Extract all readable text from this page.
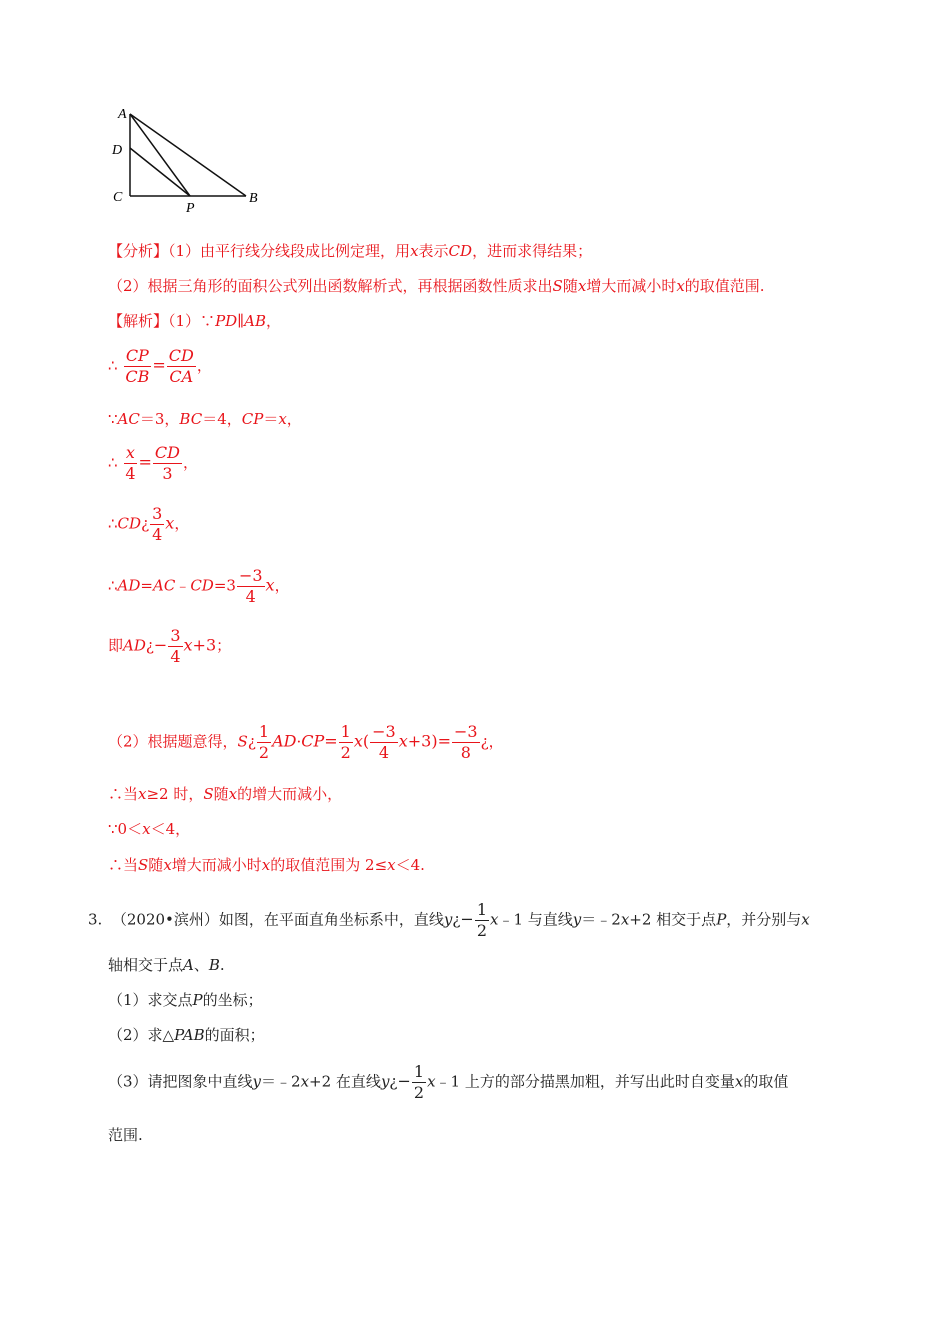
A
D
C
P
B
【分析】（1）由平行线分线段成比例定理，用x表示CD，进而求得结果；
（2）根据三角形的面积公式列出函数解析式，再根据函数性质求出S随x增大而减小时x的取值范围.
【解析】（1）∵PD∥AB，
∴ $\frac{CP}{CB} = \frac{CD}{CA}$ ，
∵AC＝3，BC＝4，CP＝x，
∴ $\frac{x}{4} = \frac{CD}{3}$ ，
∴CD¿ $\frac{3}{4}$ x，
∴AD=AC﹣CD=3 $\frac{-3}{4}$ x，
即AD¿− $\frac{3}{4} x+3$；
（2）根据题意得，S¿ $\frac{1}{2} AD\cdot CP= \frac{1}{2} x( \frac{-3}{4} x+3)= \frac{-3}{8}$ ¿，
∴当x≥2 时，S随x的增大而减小，
∵0＜x＜4，
∴当S随x增大而减小时x的取值范围为 2≤x＜4.
3. （2020•滨州）如图，在平面直角坐标系中，直线y¿− $\frac{1}{2}$ x﹣1 与直线y＝﹣2x+2 相交于点P，并分别与x
轴相交于点A、B.
（1）求交点P的坐标；
（2）求△PAB的面积；
（3）请把图象中直线y＝﹣2x+2 在直线y¿− $\frac{1}{2}$ x﹣1 上方的部分描黑加粗，并写出此时自变量x的取值
范围.
